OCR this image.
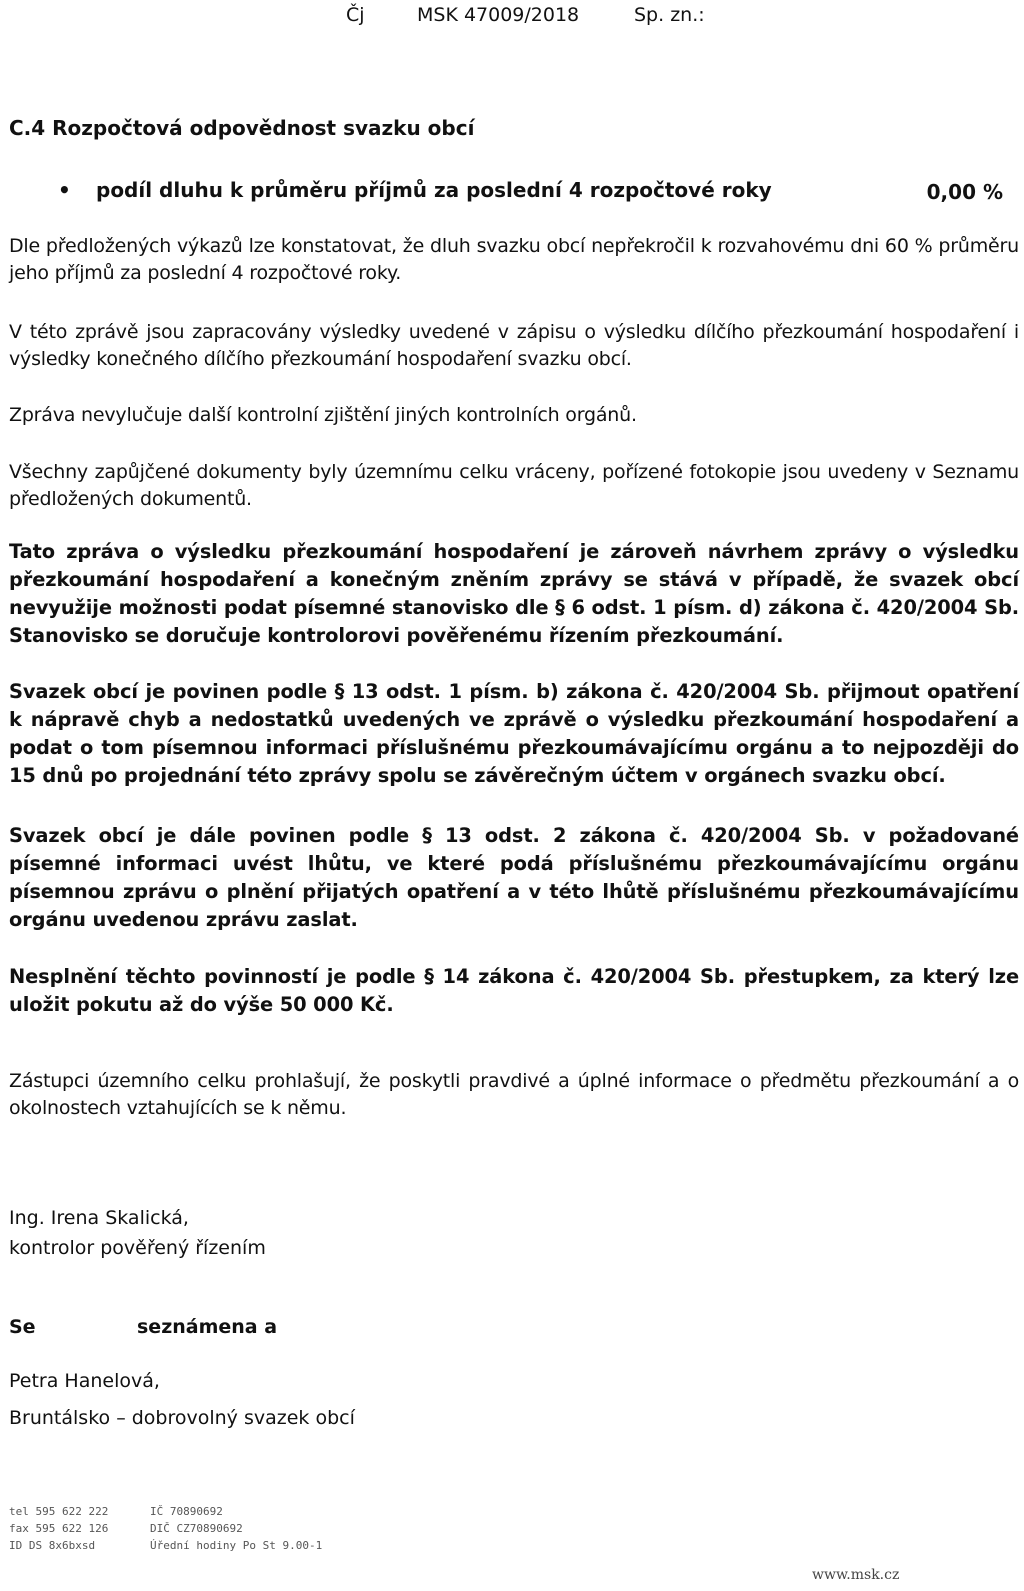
Čj	MSK 47009/2018	Sp. zn.:
C.4 Rozpočtová odpovědnost svazku obcí
• podíl dluhu k průměru příjmů za poslední 4 rozpočtové roky	0,00 %
Dle předložených výkazů lze konstatovat, že dluh svazku obcí nepřekročil k rozvahovému dni 60 % průměru jeho příjmů za poslední 4 rozpočtové roky.
V této zprávě jsou zapracovány výsledky uvedené v zápisu o výsledku dílčího přezkoumání hospodaření i výsledky konečného dílčího přezkoumání hospodaření svazku obcí.
Zpráva nevylučuje další kontrolní zjištění jiných kontrolních orgánů.
Všechny zapůjčené dokumenty byly územnímu celku vráceny, pořízené fotokopie jsou uvedeny v Seznamu předložených dokumentů.
Tato zpráva o výsledku přezkoumání hospodaření je zároveň návrhem zprávy o výsledku přezkoumání hospodaření a konečným zněním zprávy se stává v případě, že svazek obcí nevyužije možnosti podat písemné stanovisko dle § 6 odst. 1 písm. d) zákona č. 420/2004 Sb. Stanovisko se doručuje kontrolorovi pověřenému řízením přezkoumání.
Svazek obcí je povinen podle § 13 odst. 1 písm. b) zákona č. 420/2004 Sb. přijmout opatření k nápravě chyb a nedostatků uvedených ve zprávě o výsledku přezkoumání hospodaření a podat o tom písemnou informaci příslušnému přezkoumávajícímu orgánu a to nejpozději do 15 dnů po projednání této zprávy spolu se závěrečným účtem v orgánech svazku obcí.
Svazek obcí je dále povinen podle § 13 odst. 2 zákona č. 420/2004 Sb. v požadované písemné informaci uvést lhůtu, ve které podá příslušnému přezkoumávajícímu orgánu písemnou zprávu o plnění přijatých opatření a v této lhůtě příslušnému přezkoumávajícímu orgánu uvedenou zprávu zaslat.
Nesplnění těchto povinností je podle § 14 zákona č. 420/2004 Sb. přestupkem, za který lze uložit pokutu až do výše 50 000 Kč.
Zástupci územního celku prohlašují, že poskytli pravdivé a úplné informace o předmětu přezkoumání a o okolnostech vztahujících se k němu.
Ing. Irena Skalická,
kontrolor pověřený řízením
Se	seznámena a
Petra Hanelová,
Bruntálsko – dobrovolný svazek obcí
tel 595 622 222
fax 595 622 126
ID DS 8x6bxsd
IČ 70890692
DIČ CZ70890692
Úřední hodiny Po St 9.00-1
www.msk.cz
